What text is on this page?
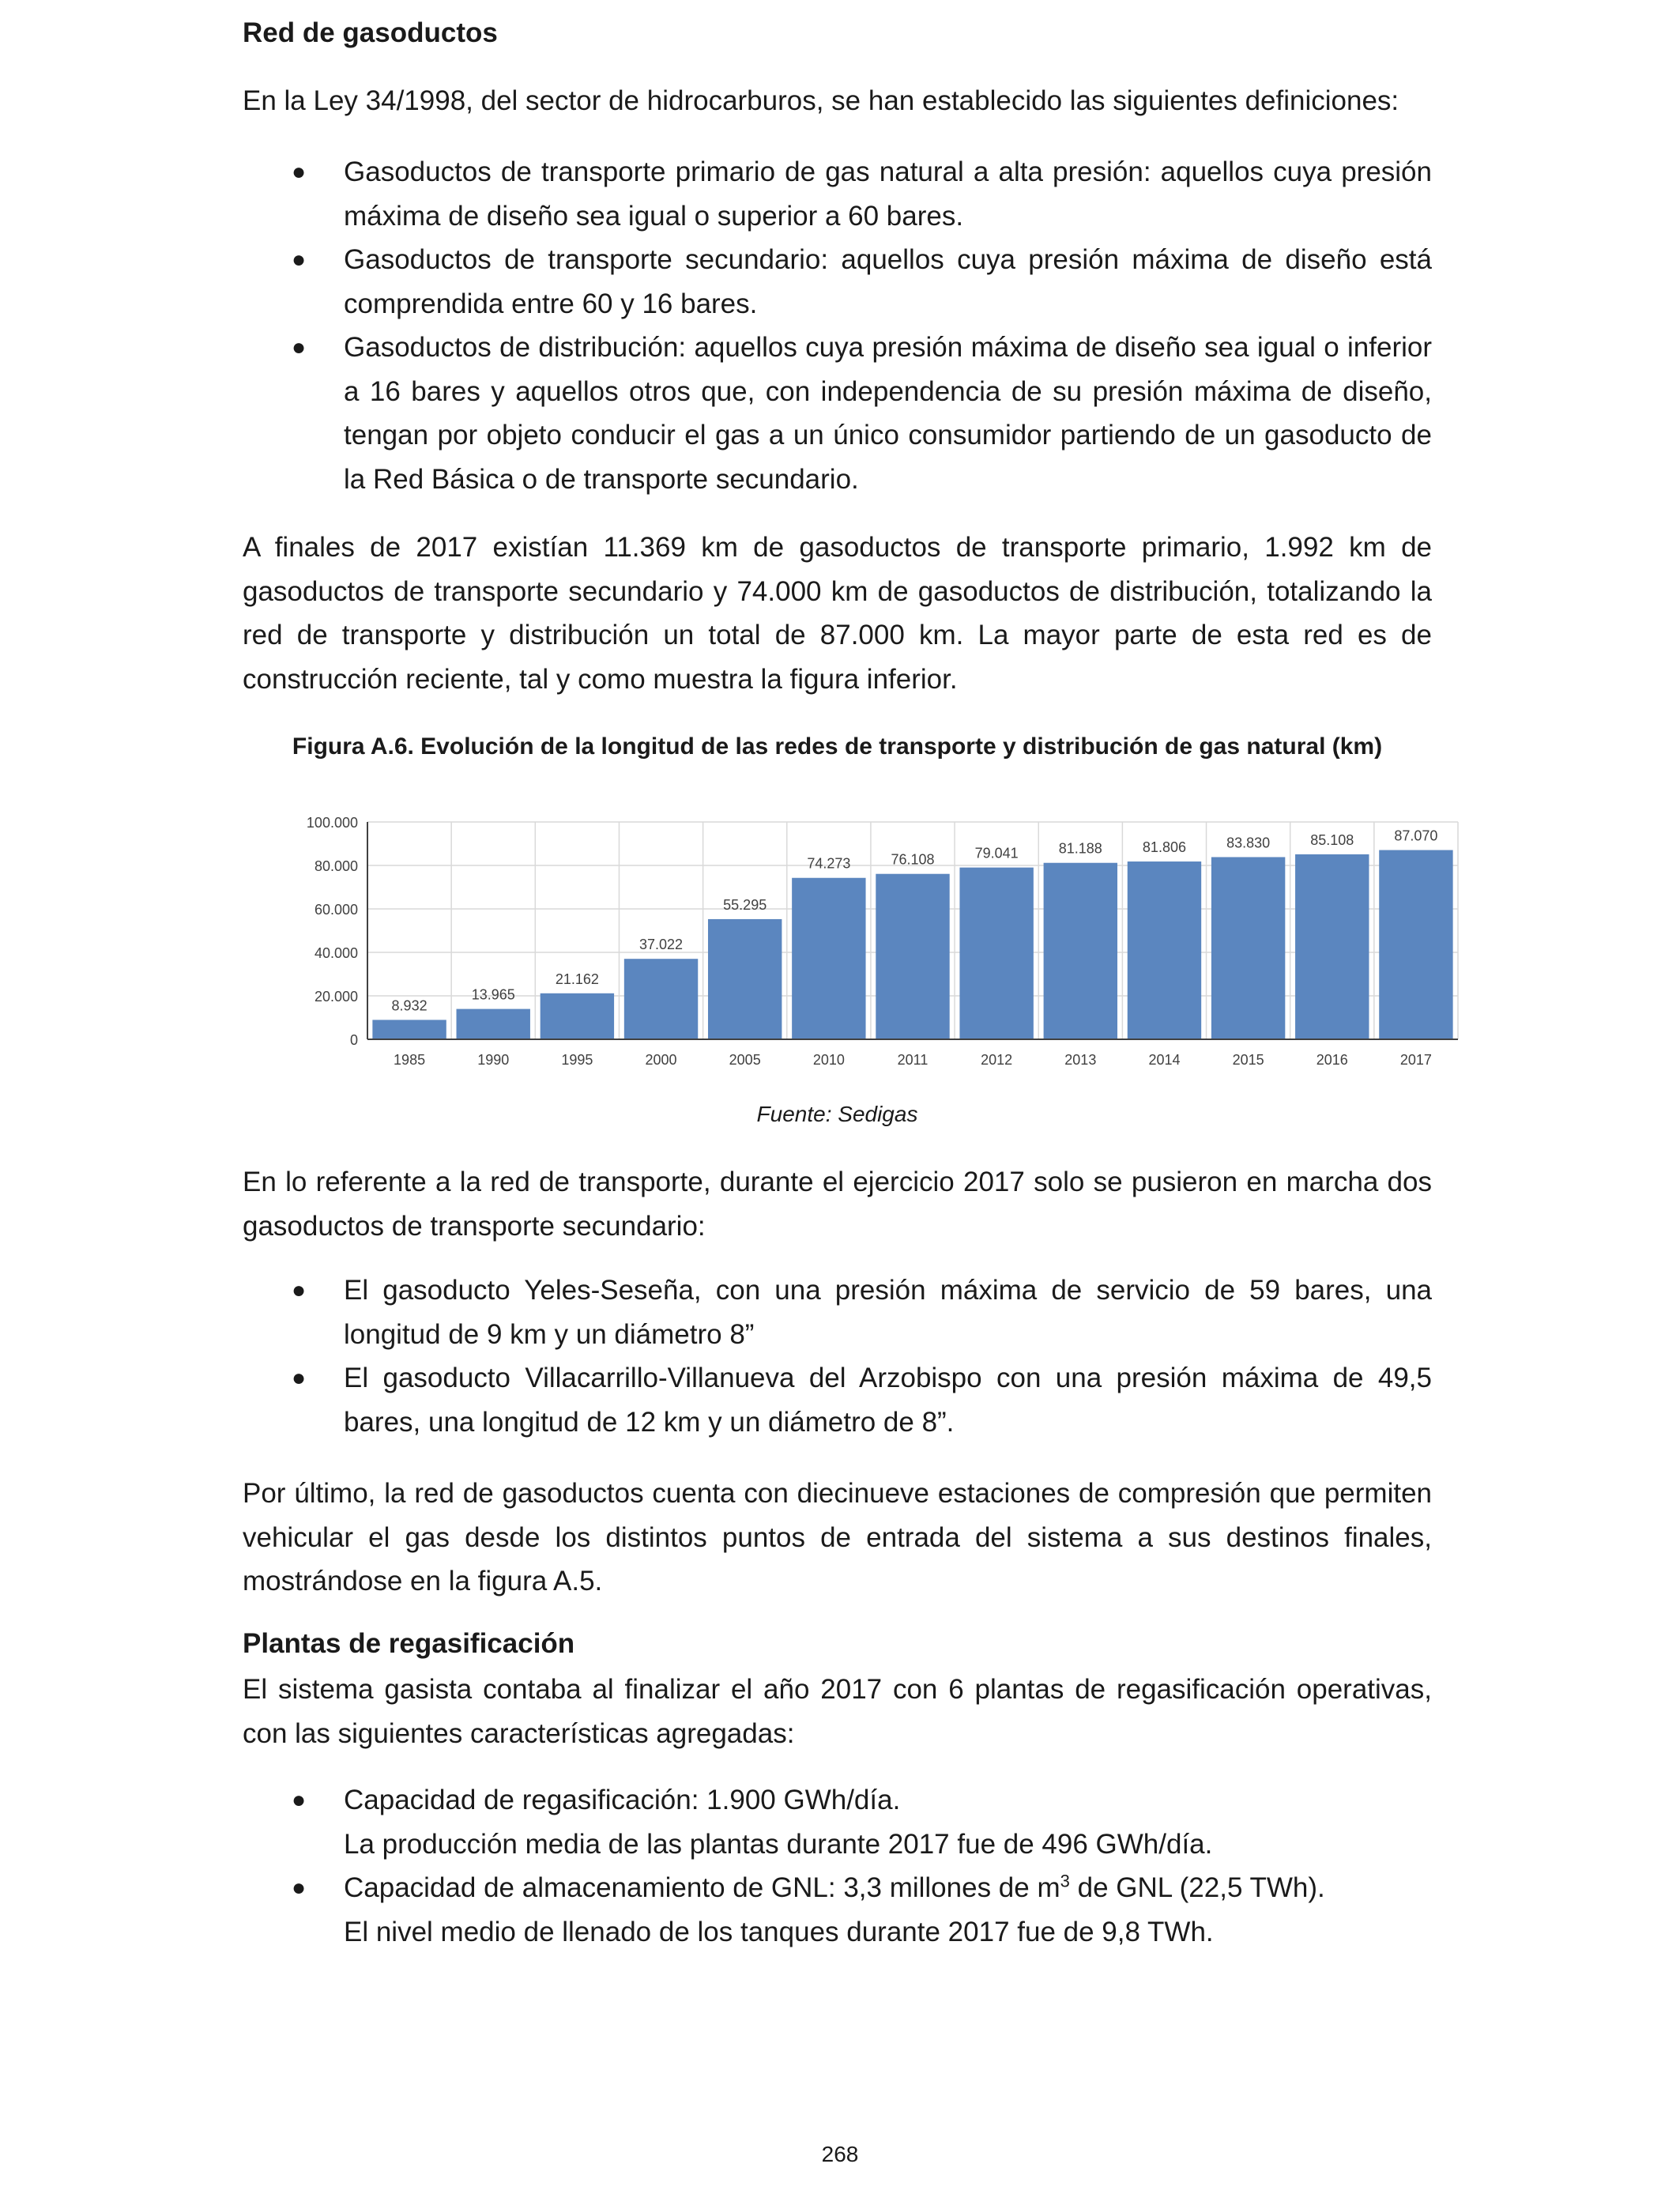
Red de gasoductos

En la Ley 34/1998, del sector de hidrocarburos, se han establecido las siguientes definiciones:

● Gasoductos de transporte primario de gas natural a alta presión: aquellos cuya presión máxima de diseño sea igual o superior a 60 bares.
● Gasoductos de transporte secundario: aquellos cuya presión máxima de diseño está comprendida entre 60 y 16 bares.
● Gasoductos de distribución: aquellos cuya presión máxima de diseño sea igual o inferior a 16 bares y aquellos otros que, con independencia de su presión máxima de diseño, tengan por objeto conducir el gas a un único consumidor partiendo de un gasoducto de la Red Básica o de transporte secundario.

A finales de 2017 existían 11.369 km de gasoductos de transporte primario, 1.992 km de gasoductos de transporte secundario y 74.000 km de gasoductos de distribución, totalizando la red de transporte y distribución un total de 87.000 km. La mayor parte de esta red es de construcción reciente, tal y como muestra la figura inferior.

Figura A.6. Evolución de la longitud de las redes de transporte y distribución de gas natural (km)

0
20.000
40.000
60.000
80.000
100.000
8.932
1985
13.965
1990
21.162
1995
37.022
2000
55.295
2005
74.273
2010
76.108
2011
79.041
2012
81.188
2013
81.806
2014
83.830
2015
85.108
2016
87.070
2017

Fuente: Sedigas

En lo referente a la red de transporte, durante el ejercicio 2017 solo se pusieron en marcha dos gasoductos de transporte secundario:

● El gasoducto Yeles-Seseña, con una presión máxima de servicio de 59 bares, una longitud de 9 km y un diámetro 8”
● El gasoducto Villacarrillo-Villanueva del Arzobispo con una presión máxima de 49,5 bares, una longitud de 12 km y un diámetro de 8”.

Por último, la red de gasoductos cuenta con diecinueve estaciones de compresión que permiten vehicular el gas desde los distintos puntos de entrada del sistema a sus destinos finales, mostrándose en la figura A.5.

Plantas de regasificación

El sistema gasista contaba al finalizar el año 2017 con 6 plantas de regasificación operativas, con las siguientes características agregadas:

● Capacidad de regasificación: 1.900 GWh/día.
La producción media de las plantas durante 2017 fue de 496 GWh/día.
● Capacidad de almacenamiento de GNL: 3,3 millones de $m^3$ de GNL (22,5 TWh).
El nivel medio de llenado de los tanques durante 2017 fue de 9,8 TWh.
268
